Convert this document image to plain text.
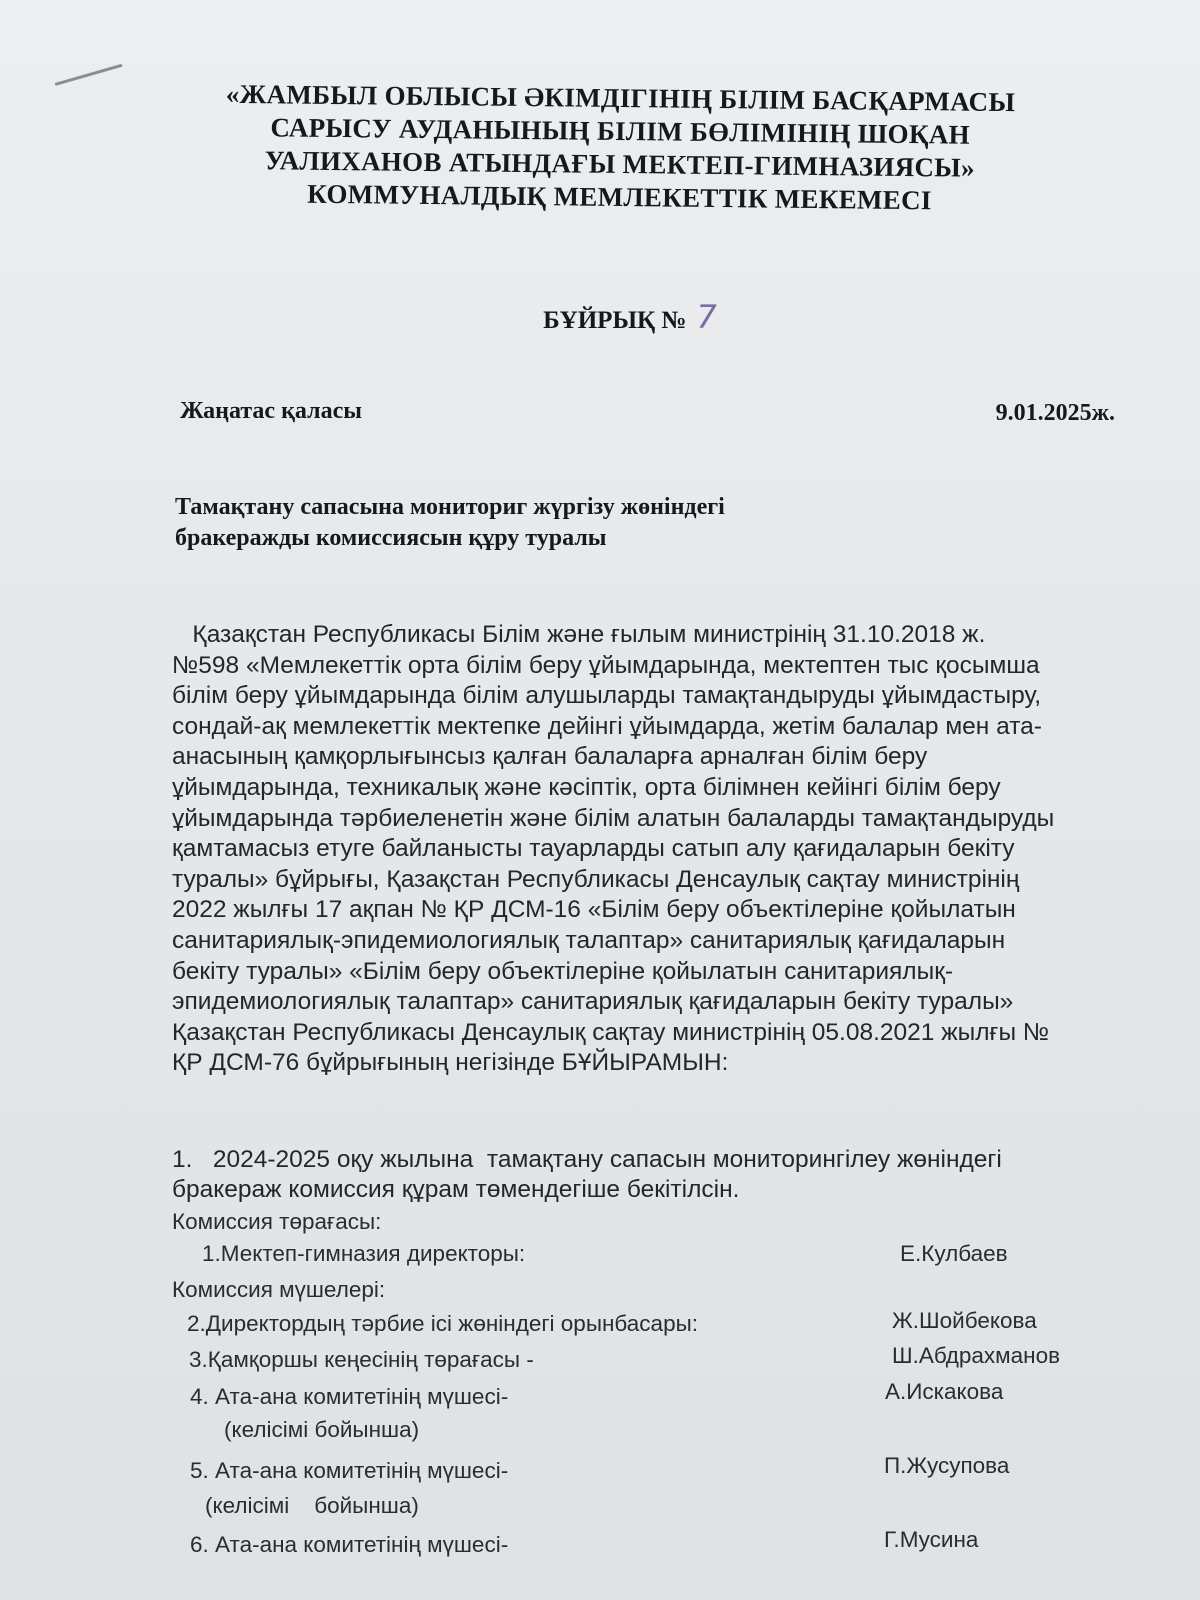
«ЖАМБЫЛ ОБЛЫСЫ ӘКІМДІГІНІҢ БІЛІМ БАСҚАРМАСЫ
САРЫСУ АУДАНЫНЫҢ БІЛІМ БӨЛІМІНІҢ ШОҚАН
УАЛИХАНОВ АТЫНДАҒЫ МЕКТЕП-ГИМНАЗИЯСЫ»
КОММУНАЛДЫҚ МЕМЛЕКЕТТІК МЕКЕМЕСІ
БҰЙРЫҚ № 7
Жаңатас қаласы	9.01.2025ж.
Тамақтану сапасына мониториг жүргізу жөніндегі
бракеражды комиссиясын құру туралы
Қазақстан Республикасы Білім және ғылым министрінің 31.10.2018 ж.
№598 «Мемлекеттік орта білім беру ұйымдарында, мектептен тыс қосымша
білім беру ұйымдарында білім алушыларды тамақтандыруды ұйымдастыру,
сондай-ақ мемлекеттік мектепке дейінгі ұйымдарда, жетім балалар мен ата-
анасының қамқорлығынсыз қалған балаларға арналған білім беру
ұйымдарында, техникалық және кәсіптік, орта білімнен кейінгі білім беру
ұйымдарында тәрбиеленетін және білім алатын балаларды тамақтандыруды
қамтамасыз етуге байланысты тауарларды сатып алу қағидаларын бекіту
туралы» бұйрығы, Қазақстан Республикасы Денсаулық сақтау министрінің
2022 жылғы 17 ақпан № ҚР ДСМ-16 «Білім беру объектілеріне қойылатын
санитариялық-эпидемиологиялық талаптар» санитариялық қағидаларын
бекіту туралы» «Білім беру объектілеріне қойылатын санитариялық-
эпидемиологиялық талаптар» санитариялық қағидаларын бекіту туралы»
Қазақстан Республикасы Денсаулық сақтау министрінің 05.08.2021 жылғы №
ҚР ДСМ-76 бұйрығының негізінде БҰЙЫРАМЫН:
1.   2024-2025 оқу жылына  тамақтану сапасын мониторингілеу жөніндегі
бракераж комиссия құрам төмендегіше бекітілсін.
Комиссия төрағасы:
1.Мектеп-гимназия директоры:	Е.Кулбаев
Комиссия мүшелері:
2.Директордың тәрбие ісі жөніндегі орынбасары:	Ж.Шойбекова
3.Қамқоршы кеңесінің төрағасы -	Ш.Абдрахманов
4. Ата-ана комитетінің мүшесі-	А.Искакова
(келісімі бойынша)
5. Ата-ана комитетінің мүшесі-	П.Жусупова
(келісімі    бойынша)
6. Ата-ана комитетінің мүшесі-	Г.Мусина
